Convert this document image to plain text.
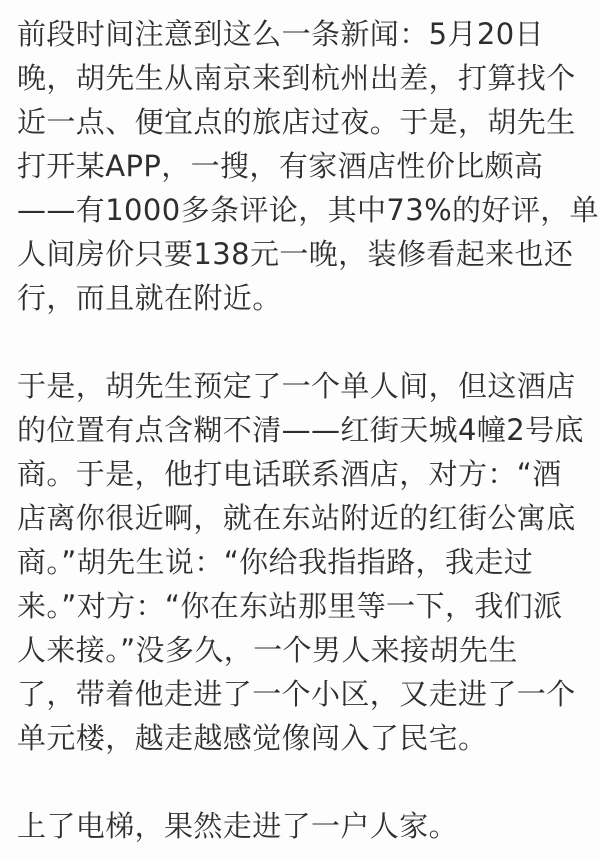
前段时间注意到这么一条新闻：5月20日
晚，胡先生从南京来到杭州出差，打算找个
近一点、便宜点的旅店过夜。于是，胡先生
打开某APP，一搜，有家酒店性价比颇高
——有1000多条评论，其中73%的好评，单
人间房价只要138元一晚，装修看起来也还
行，而且就在附近。
于是，胡先生预定了一个单人间，但这酒店
的位置有点含糊不清——红街天城4幢2号底
商。于是，他打电话联系酒店，对方：“酒
店离你很近啊，就在东站附近的红街公寓底
商。”胡先生说：“你给我指指路，我走过
来。”对方：“你在东站那里等一下，我们派
人来接。”没多久，一个男人来接胡先生
了，带着他走进了一个小区，又走进了一个
单元楼，越走越感觉像闯入了民宅。
上了电梯，果然走进了一户人家。
